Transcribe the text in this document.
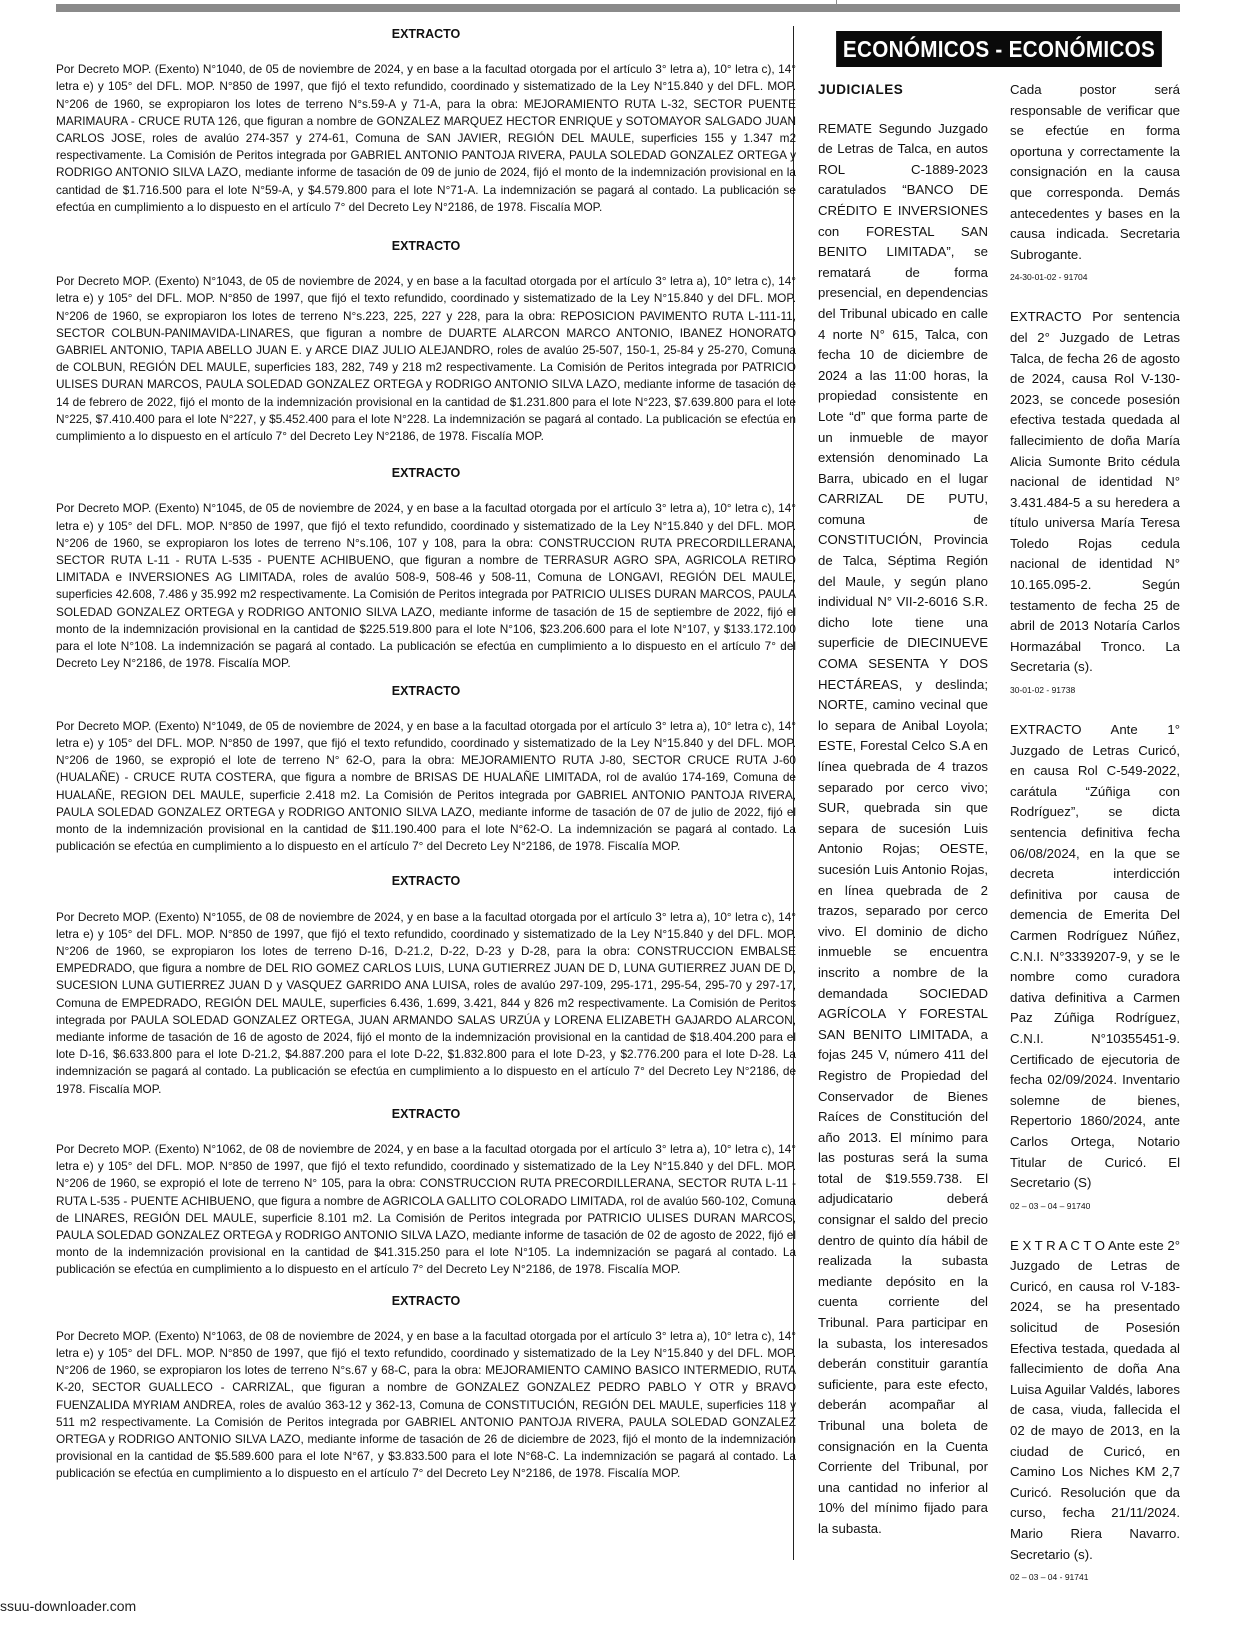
EXTRACTO

Por Decreto MOP. (Exento) N°1040, de 05 de noviembre de 2024, y en base a la facultad otorgada por el artículo 3° letra a), 10° letra c), 14° letra e) y 105° del DFL. MOP. N°850 de 1997, que fijó el texto refundido, coordinado y sistematizado de la Ley N°15.840 y del DFL. MOP. N°206 de 1960, se expropiaron los lotes de terreno N°s.59-A y 71-A, para la obra: MEJORAMIENTO RUTA L-32, SECTOR PUENTE MARIMAURA - CRUCE RUTA 126, que figuran a nombre de GONZALEZ MARQUEZ HECTOR ENRIQUE y SOTOMAYOR SALGADO JUAN CARLOS JOSE, roles de avalúo 274-357 y 274-61, Comuna de SAN JAVIER, REGIÓN DEL MAULE, superficies 155 y 1.347 m2 respectivamente. La Comisión de Peritos integrada por GABRIEL ANTONIO PANTOJA RIVERA, PAULA SOLEDAD GONZALEZ ORTEGA y RODRIGO ANTONIO SILVA LAZO, mediante informe de tasación de 09 de junio de 2024, fijó el monto de la indemnización provisional en la cantidad de $1.716.500 para el lote N°59-A, y $4.579.800 para el lote N°71-A. La indemnización se pagará al contado. La publicación se efectúa en cumplimiento a lo dispuesto en el artículo 7° del Decreto Ley N°2186, de 1978. Fiscalía MOP.

EXTRACTO

Por Decreto MOP. (Exento) N°1043, de 05 de noviembre de 2024, y en base a la facultad otorgada por el artículo 3° letra a), 10° letra c), 14° letra e) y 105° del DFL. MOP. N°850 de 1997, que fijó el texto refundido, coordinado y sistematizado de la Ley N°15.840 y del DFL. MOP. N°206 de 1960, se expropiaron los lotes de terreno N°s.223, 225, 227 y 228, para la obra: REPOSICION PAVIMENTO RUTA L-111-11, SECTOR COLBUN-PANIMAVIDA-LINARES, que figuran a nombre de DUARTE ALARCON MARCO ANTONIO, IBANEZ HONORATO GABRIEL ANTONIO, TAPIA ABELLO JUAN E. y ARCE DIAZ JULIO ALEJANDRO, roles de avalúo 25-507, 150-1, 25-84 y 25-270, Comuna de COLBUN, REGIÓN DEL MAULE, superficies 183, 282, 749 y 218 m2 respectivamente. La Comisión de Peritos integrada por PATRICIO ULISES DURAN MARCOS, PAULA SOLEDAD GONZALEZ ORTEGA y RODRIGO ANTONIO SILVA LAZO, mediante informe de tasación de 14 de febrero de 2022, fijó el monto de la indemnización provisional en la cantidad de $1.231.800 para el lote N°223, $7.639.800 para el lote N°225, $7.410.400 para el lote N°227, y $5.452.400 para el lote N°228. La indemnización se pagará al contado. La publicación se efectúa en cumplimiento a lo dispuesto en el artículo 7° del Decreto Ley N°2186, de 1978. Fiscalía MOP.

EXTRACTO

Por Decreto MOP. (Exento) N°1045, de 05 de noviembre de 2024, y en base a la facultad otorgada por el artículo 3° letra a), 10° letra c), 14° letra e) y 105° del DFL. MOP. N°850 de 1997, que fijó el texto refundido, coordinado y sistematizado de la Ley N°15.840 y del DFL. MOP. N°206 de 1960, se expropiaron los lotes de terreno N°s.106, 107 y 108, para la obra: CONSTRUCCION RUTA PRECORDILLERANA, SECTOR RUTA L-11 - RUTA L-535 - PUENTE ACHIBUENO, que figuran a nombre de TERRASUR AGRO SPA, AGRICOLA RETIRO LIMITADA e INVERSIONES AG LIMITADA, roles de avalúo 508-9, 508-46 y 508-11, Comuna de LONGAVI, REGIÓN DEL MAULE, superficies 42.608, 7.486 y 35.992 m2 respectivamente. La Comisión de Peritos integrada por PATRICIO ULISES DURAN MARCOS, PAULA SOLEDAD GONZALEZ ORTEGA y RODRIGO ANTONIO SILVA LAZO, mediante informe de tasación de 15 de septiembre de 2022, fijó el monto de la indemnización provisional en la cantidad de $225.519.800 para el lote N°106, $23.206.600 para el lote N°107, y $133.172.100 para el lote N°108. La indemnización se pagará al contado. La publicación se efectúa en cumplimiento a lo dispuesto en el artículo 7° del Decreto Ley N°2186, de 1978. Fiscalía MOP.

EXTRACTO

Por Decreto MOP. (Exento) N°1049, de 05 de noviembre de 2024, y en base a la facultad otorgada por el artículo 3° letra a), 10° letra c), 14° letra e) y 105° del DFL. MOP. N°850 de 1997, que fijó el texto refundido, coordinado y sistematizado de la Ley N°15.840 y del DFL. MOP. N°206 de 1960, se expropió el lote de terreno N° 62-O, para la obra: MEJORAMIENTO RUTA J-80, SECTOR CRUCE RUTA J-60 (HUALAÑE) - CRUCE RUTA COSTERA, que figura a nombre de BRISAS DE HUALAÑE LIMITADA, rol de avalúo 174-169, Comuna de HUALAÑE, REGION DEL MAULE, superficie 2.418 m2. La Comisión de Peritos integrada por GABRIEL ANTONIO PANTOJA RIVERA, PAULA SOLEDAD GONZALEZ ORTEGA y RODRIGO ANTONIO SILVA LAZO, mediante informe de tasación de 07 de julio de 2022, fijó el monto de la indemnización provisional en la cantidad de $11.190.400 para el lote N°62-O. La indemnización se pagará al contado. La publicación se efectúa en cumplimiento a lo dispuesto en el artículo 7° del Decreto Ley N°2186, de 1978. Fiscalía MOP.

EXTRACTO

Por Decreto MOP. (Exento) N°1055, de 08 de noviembre de 2024, y en base a la facultad otorgada por el artículo 3° letra a), 10° letra c), 14° letra e) y 105° del DFL. MOP. N°850 de 1997, que fijó el texto refundido, coordinado y sistematizado de la Ley N°15.840 y del DFL. MOP. N°206 de 1960, se expropiaron los lotes de terreno D-16, D-21.2, D-22, D-23 y D-28, para la obra: CONSTRUCCION EMBALSE EMPEDRADO, que figura a nombre de DEL RIO GOMEZ CARLOS LUIS, LUNA GUTIERREZ JUAN DE D, LUNA GUTIERREZ JUAN DE D, SUCESION LUNA GUTIERREZ JUAN D y VASQUEZ GARRIDO ANA LUISA, roles de avalúo 297-109, 295-171, 295-54, 295-70 y 297-17, Comuna de EMPEDRADO, REGIÓN DEL MAULE, superficies 6.436, 1.699, 3.421, 844 y 826 m2 respectivamente. La Comisión de Peritos integrada por PAULA SOLEDAD GONZALEZ ORTEGA, JUAN ARMANDO SALAS URZÚA y LORENA ELIZABETH GAJARDO ALARCON, mediante informe de tasación de 16 de agosto de 2024, fijó el monto de la indemnización provisional en la cantidad de $18.404.200 para el lote D-16, $6.633.800 para el lote D-21.2, $4.887.200 para el lote D-22, $1.832.800 para el lote D-23, y $2.776.200 para el lote D-28. La indemnización se pagará al contado. La publicación se efectúa en cumplimiento a lo dispuesto en el artículo 7° del Decreto Ley N°2186, de 1978. Fiscalía MOP.

EXTRACTO

Por Decreto MOP. (Exento) N°1062, de 08 de noviembre de 2024, y en base a la facultad otorgada por el artículo 3° letra a), 10° letra c), 14° letra e) y 105° del DFL. MOP. N°850 de 1997, que fijó el texto refundido, coordinado y sistematizado de la Ley N°15.840 y del DFL. MOP. N°206 de 1960, se expropió el lote de terreno N° 105, para la obra: CONSTRUCCION RUTA PRECORDILLERANA, SECTOR RUTA L-11 - RUTA L-535 - PUENTE ACHIBUENO, que figura a nombre de AGRICOLA GALLITO COLORADO LIMITADA, rol de avalúo 560-102, Comuna de LINARES, REGIÓN DEL MAULE, superficie 8.101 m2. La Comisión de Peritos integrada por PATRICIO ULISES DURAN MARCOS, PAULA SOLEDAD GONZALEZ ORTEGA y RODRIGO ANTONIO SILVA LAZO, mediante informe de tasación de 02 de agosto de 2022, fijó el monto de la indemnización provisional en la cantidad de $41.315.250 para el lote N°105. La indemnización se pagará al contado. La publicación se efectúa en cumplimiento a lo dispuesto en el artículo 7° del Decreto Ley N°2186, de 1978. Fiscalía MOP.

EXTRACTO

Por Decreto MOP. (Exento) N°1063, de 08 de noviembre de 2024, y en base a la facultad otorgada por el artículo 3° letra a), 10° letra c), 14° letra e) y 105° del DFL. MOP. N°850 de 1997, que fijó el texto refundido, coordinado y sistematizado de la Ley N°15.840 y del DFL. MOP. N°206 de 1960, se expropiaron los lotes de terreno N°s.67 y 68-C, para la obra: MEJORAMIENTO CAMINO BASICO INTERMEDIO, RUTA K-20, SECTOR GUALLECO - CARRIZAL, que figuran a nombre de GONZALEZ GONZALEZ PEDRO PABLO Y OTR y BRAVO FUENZALIDA MYRIAM ANDREA, roles de avalúo 363-12 y 362-13, Comuna de CONSTITUCIÓN, REGIÓN DEL MAULE, superficies 118 y 511 m2 respectivamente. La Comisión de Peritos integrada por GABRIEL ANTONIO PANTOJA RIVERA, PAULA SOLEDAD GONZALEZ ORTEGA y RODRIGO ANTONIO SILVA LAZO, mediante informe de tasación de 26 de diciembre de 2023, fijó el monto de la indemnización provisional en la cantidad de $5.589.600 para el lote N°67, y $3.833.500 para el lote N°68-C. La indemnización se pagará al contado. La publicación se efectúa en cumplimiento a lo dispuesto en el artículo 7° del Decreto Ley N°2186, de 1978. Fiscalía MOP.

ECONÓMICOS - ECONÓMICOS
JUDICIALES

REMATE Segundo Juzgado de Letras de Talca, en autos ROL C-1889-2023 caratulados “BANCO DE CRÉDITO E INVERSIONES con FORESTAL SAN BENITO LIMITADA”, se rematará de forma presencial, en dependencias del Tribunal ubicado en calle 4 norte N° 615, Talca, con fecha 10 de diciembre de 2024 a las 11:00 horas, la propiedad consistente en Lote “d” que forma parte de un inmueble de mayor extensión denominado La Barra, ubicado en el lugar CARRIZAL DE PUTU, comuna de CONSTITUCIÓN, Provincia de Talca, Séptima Región del Maule, y según plano individual N° VII-2-6016 S.R. dicho lote tiene una superficie de DIECINUEVE COMA SESENTA Y DOS HECTÁREAS, y deslinda; NORTE, camino vecinal que lo separa de Anibal Loyola; ESTE, Forestal Celco S.A en línea quebrada de 4 trazos separado por cerco vivo; SUR, quebrada sin que separa de sucesión Luis Antonio Rojas; OESTE, sucesión Luis Antonio Rojas, en línea quebrada de 2 trazos, separado por cerco vivo. El dominio de dicho inmueble se encuentra inscrito a nombre de la demandada SOCIEDAD AGRÍCOLA Y FORESTAL SAN BENITO LIMITADA, a fojas 245 V, número 411 del Registro de Propiedad del Conservador de Bienes Raíces de Constitución del año 2013. El mínimo para las posturas será la suma total de $19.559.738. El adjudicatario deberá consignar el saldo del precio dentro de quinto día hábil de realizada la subasta mediante depósito en la cuenta corriente del Tribunal. Para participar en la subasta, los interesados deberán constituir garantía suficiente, para este efecto, deberán acompañar al Tribunal una boleta de consignación en la Cuenta Corriente del Tribunal, por una cantidad no inferior al 10% del mínimo fijado para la subasta.

Cada postor será responsable de verificar que se efectúe en forma oportuna y correctamente la consignación en la causa que corresponda. Demás antecedentes y bases en la causa indicada. Secretaria Subrogante.

24-30-01-02 - 91704

EXTRACTO Por sentencia del 2° Juzgado de Letras Talca, de fecha 26 de agosto de 2024, causa Rol V-130-2023, se concede posesión efectiva testada quedada al fallecimiento de doña María Alicia Sumonte Brito cédula nacional de identidad N° 3.431.484-5 a su heredera a título universa María Teresa Toledo Rojas cedula nacional de identidad N° 10.165.095-2. Según testamento de fecha 25 de abril de 2013 Notaría Carlos Hormazábal Tronсо. La Secretaria (s).

30-01-02 - 91738

EXTRACTO Ante 1° Juzgado de Letras Curicó, en causa Rol C-549-2022, carátula “Zúñiga con Rodríguez”, se dicta sentencia definitiva fecha 06/08/2024, en la que se decreta interdicción definitiva por causa de demencia de Emerita Del Carmen Rodríguez Núñez, C.N.I. N°3339207-9, y se le nombre como curadora dativa definitiva a Carmen Paz Zúñiga Rodríguez, C.N.I. N°10355451-9. Certificado de ejecutoria de fecha 02/09/2024. Inventario solemne de bienes, Repertorio 1860/2024, ante Carlos Ortega, Notario Titular de Curicó. El Secretario (S)

02 – 03 – 04 – 91740

E X T R A C T O Ante este 2° Juzgado de Letras de Curicó, en causa rol V-183-2024, se ha presentado solicitud de Posesión Efectiva testada, quedada al fallecimiento de doña Ana Luisa Aguilar Valdés, labores de casa, viuda, fallecida el 02 de mayo de 2013, en la ciudad de Curicó, en Camino Los Niches KM 2,7 Curicó. Resolución que da curso, fecha 21/11/2024. Mario Riera Navarro. Secretario (s).

02 – 03 – 04 - 91741
ssuu-downloader.com
